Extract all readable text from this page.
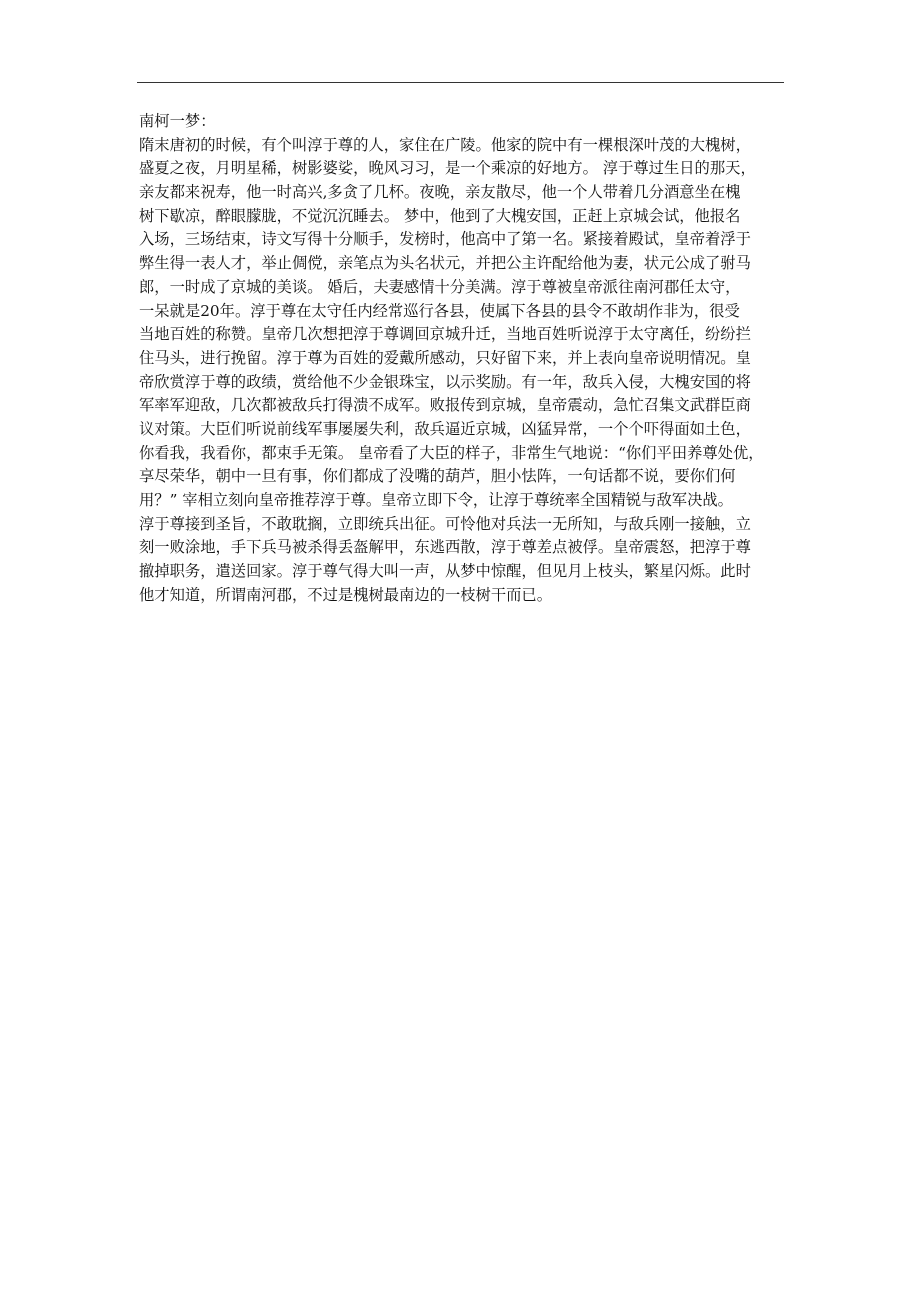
南柯一梦：
隋末唐初的时候，有个叫淳于尊的人，家住在广陵。他家的院中有一棵根深叶茂的大槐树，
盛夏之夜，月明星稀，树影婆娑，晚风习习，是一个乘凉的好地方。 淳于尊过生日的那天，
亲友都来祝寿，他一时高兴,多贪了几杯。夜晚，亲友散尽，他一个人带着几分酒意坐在槐
树下歇凉，醉眼朦胧，不觉沉沉睡去。 梦中，他到了大槐安国，正赶上京城会试，他报名
入场，三场结束，诗文写得十分顺手，发榜时，他高中了第一名。紧接着殿试，皇帝着浮于
弊生得一表人才，举止倜傥，亲笔点为头名状元，并把公主许配给他为妻，状元公成了驸马
郎，一时成了京城的美谈。 婚后，夫妻感情十分美满。淳于尊被皇帝派往南河郡任太守，
一呆就是20年。淳于尊在太守任内经常巡行各县，使属下各县的县令不敢胡作非为，很受
当地百姓的称赞。皇帝几次想把淳于尊调回京城升迁，当地百姓听说淳于太守离任，纷纷拦
住马头，进行挽留。淳于尊为百姓的爱戴所感动，只好留下来，并上表向皇帝说明情况。皇
帝欣赏淳于尊的政绩，赏给他不少金银珠宝，以示奖励。有一年，敌兵入侵，大槐安国的将
军率军迎敌，几次都被敌兵打得溃不成军。败报传到京城，皇帝震动，急忙召集文武群臣商
议对策。大臣们听说前线军事屡屡失利，敌兵逼近京城，凶猛异常，一个个吓得面如土色，
你看我，我看你，都束手无策。 皇帝看了大臣的样子，非常生气地说：“你们平田养尊处优，
享尽荣华，朝中一旦有事，你们都成了没嘴的葫芦，胆小怯阵，一句话都不说，要你们何
用？” 宰相立刻向皇帝推荐淳于尊。皇帝立即下令，让淳于尊统率全国精锐与敌军决战。
淳于尊接到圣旨，不敢耽搁，立即统兵出征。可怜他对兵法一无所知，与敌兵刚一接触，立
刻一败涂地，手下兵马被杀得丢盔解甲，东逃西散，淳于尊差点被俘。皇帝震怒，把淳于尊
撤掉职务，遣送回家。淳于尊气得大叫一声，从梦中惊醒，但见月上枝头，繁星闪烁。此时
他才知道，所谓南河郡，不过是槐树最南边的一枝树干而已。
